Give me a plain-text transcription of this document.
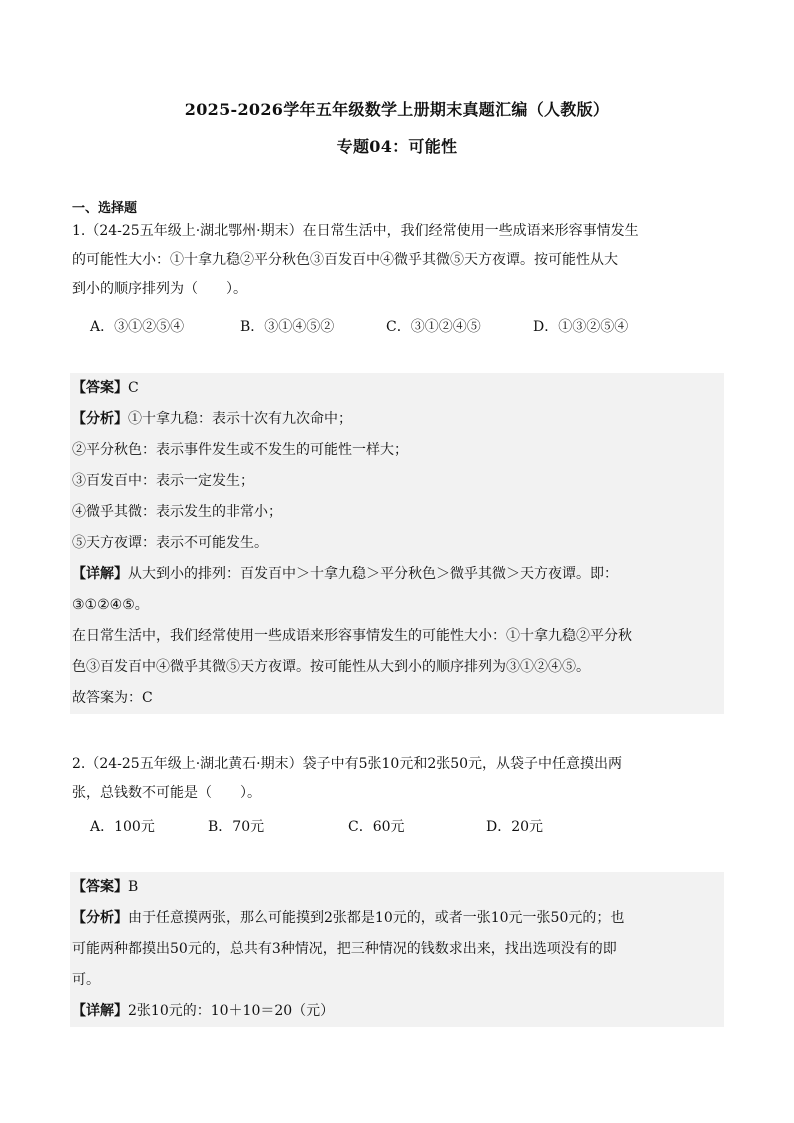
2025-2026学年五年级数学上册期末真题汇编（人教版）
专题04：可能性
一、选择题

1.（24-25五年级上·湖北鄂州·期末）在日常生活中，我们经常使用一些成语来形容事情发生

的可能性大小：①十拿九稳②平分秋色③百发百中④微乎其微⑤天方夜谭。按可能性从大

到小的顺序排列为（　　）。

A．③①②⑤④	B．③①④⑤②	C．③①②④⑤	D．①③②⑤④

【答案】C

【分析】①十拿九稳：表示十次有九次命中；

②平分秋色：表示事件发生或不发生的可能性一样大；

③百发百中：表示一定发生；

④微乎其微：表示发生的非常小；

⑤天方夜谭：表示不可能发生。

【详解】从大到小的排列：百发百中＞十拿九稳＞平分秋色＞微乎其微＞天方夜谭。即：

③①②④⑤。

在日常生活中，我们经常使用一些成语来形容事情发生的可能性大小：①十拿九稳②平分秋

色③百发百中④微乎其微⑤天方夜谭。按可能性从大到小的顺序排列为③①②④⑤。

故答案为：C

2.（24-25五年级上·湖北黄石·期末）袋子中有5张10元和2张50元，从袋子中任意摸出两

张，总钱数不可能是（　　）。

A．100元	B．70元	C．60元	D．20元

【答案】B

【分析】由于任意摸两张，那么可能摸到2张都是10元的，或者一张10元一张50元的；也

可能两种都摸出50元的，总共有3种情况，把三种情况的钱数求出来，找出选项没有的即

可。

【详解】2张10元的：10＋10＝20（元）
